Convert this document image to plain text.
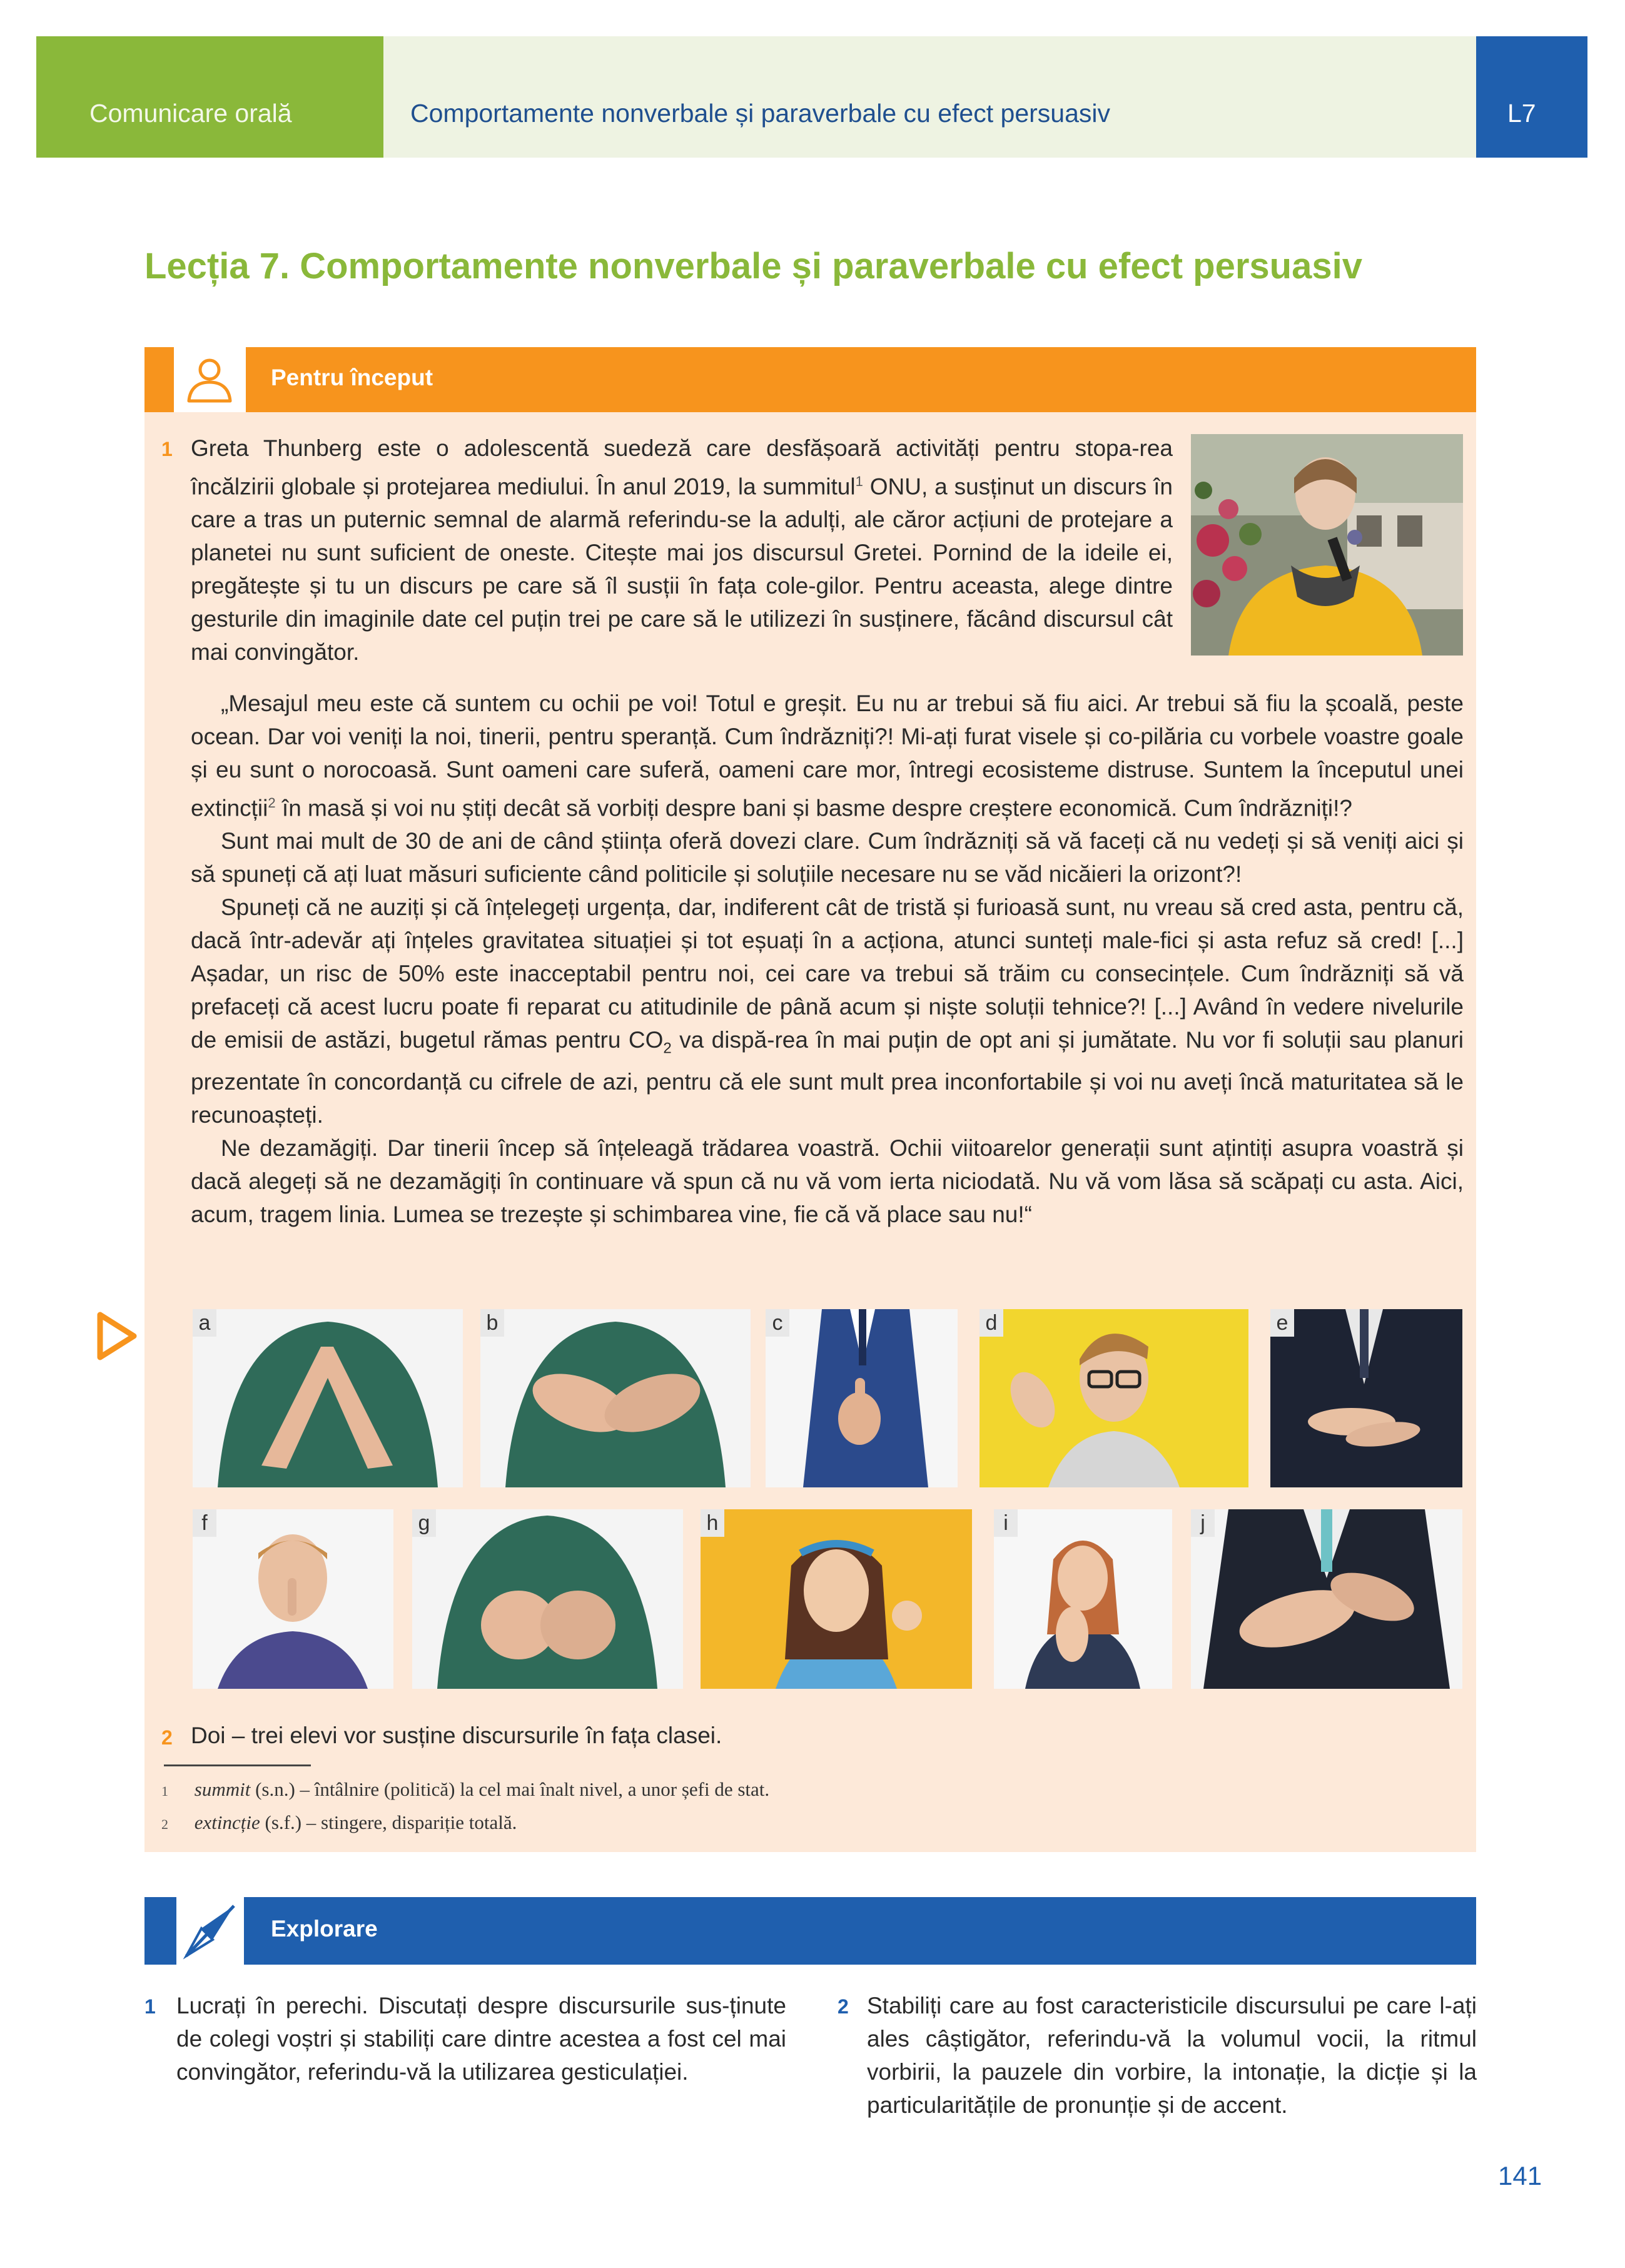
Comunicare orală	Comportamente nonverbale și paraverbale cu efect persuasiv	L7
Lecția 7. Comportamente nonverbale și paraverbale cu efect persuasiv
Pentru început
1 Greta Thunberg este o adolescentă suedeză care desfășoară activități pentru stopa-rea încălzirii globale și protejarea mediului. În anul 2019, la summitul$^1$ ONU, a susținut un discurs în care a tras un puternic semnal de alarmă referindu-se la adulți, ale căror acțiuni de protejare a planetei nu sunt suficient de oneste. Citește mai jos discursul Gretei. Pornind de la ideile ei, pregătește și tu un discurs pe care să îl susții în fața cole-gilor. Pentru aceasta, alege dintre gesturile din imaginile date cel puțin trei pe care să le utilizezi în susținere, făcând discursul cât mai convingător.

„Mesajul meu este că suntem cu ochii pe voi! Totul e greșit. Eu nu ar trebui să fiu aici. Ar trebui să fiu la școală, peste ocean. Dar voi veniți la noi, tinerii, pentru speranță. Cum îndrăzniți?! Mi-ați furat visele și co-pilăria cu vorbele voastre goale și eu sunt o norocoasă. Sunt oameni care suferă, oameni care mor, întregi ecosisteme distruse. Suntem la începutul unei extincții$^2$ în masă și voi nu știți decât să vorbiți despre bani și basme despre creștere economică. Cum îndrăzniți!?

Sunt mai mult de 30 de ani de când știința oferă dovezi clare. Cum îndrăzniți să vă faceți că nu vedeți și să veniți aici și să spuneți că ați luat măsuri suficiente când politicile și soluțiile necesare nu se văd nicăieri la orizont?!

Spuneți că ne auziți și că înțelegeți urgența, dar, indiferent cât de tristă și furioasă sunt, nu vreau să cred asta, pentru că, dacă într-adevăr ați înțeles gravitatea situației și tot eșuați în a acționa, atunci sunteți male-fici și asta refuz să cred! [...] Așadar, un risc de 50% este inacceptabil pentru noi, cei care va trebui să trăim cu consecințele. Cum îndrăzniți să vă prefaceți că acest lucru poate fi reparat cu atitudinile de până acum și niște soluții tehnice?! [...] Având în vedere nivelurile de emisii de astăzi, bugetul rămas pentru $CO_2$ va dispă-rea în mai puțin de opt ani și jumătate. Nu vor fi soluții sau planuri prezentate în concordanță cu cifrele de azi, pentru că ele sunt mult prea inconfortabile și voi nu aveți încă maturitatea să le recunoașteți.

Ne dezamăgiți. Dar tinerii încep să înțeleagă trădarea voastră. Ochii viitoarelor generații sunt ațintiți asupra voastră și dacă alegeți să ne dezamăgiți în continuare vă spun că nu vă vom ierta niciodată. Nu vă vom lăsa să scăpați cu asta. Aici, acum, tragem linia. Lumea se trezește și schimbarea vine, fie că vă place sau nu!“

a	b	c	d	e
f	g	h	i	j
2 Doi – trei elevi vor susține discursurile în fața clasei.
1 summit (s.n.) – întâlnire (politică) la cel mai înalt nivel, a unor șefi de stat.
2 extincție (s.f.) – stingere, dispariție totală.
Explorare
1 Lucrați în perechi. Discutați despre discursurile sus-ținute de colegi voștri și stabiliți care dintre acestea a fost cel mai convingător, referindu-vă la utilizarea gesticulației.
2 Stabiliți care au fost caracteristicile discursului pe care l-ați ales câștigător, referindu-vă la volumul vocii, la ritmul vorbirii, la pauzele din vorbire, la intonație, la dicție și la particularitățile de pronunție și de accent.
141
